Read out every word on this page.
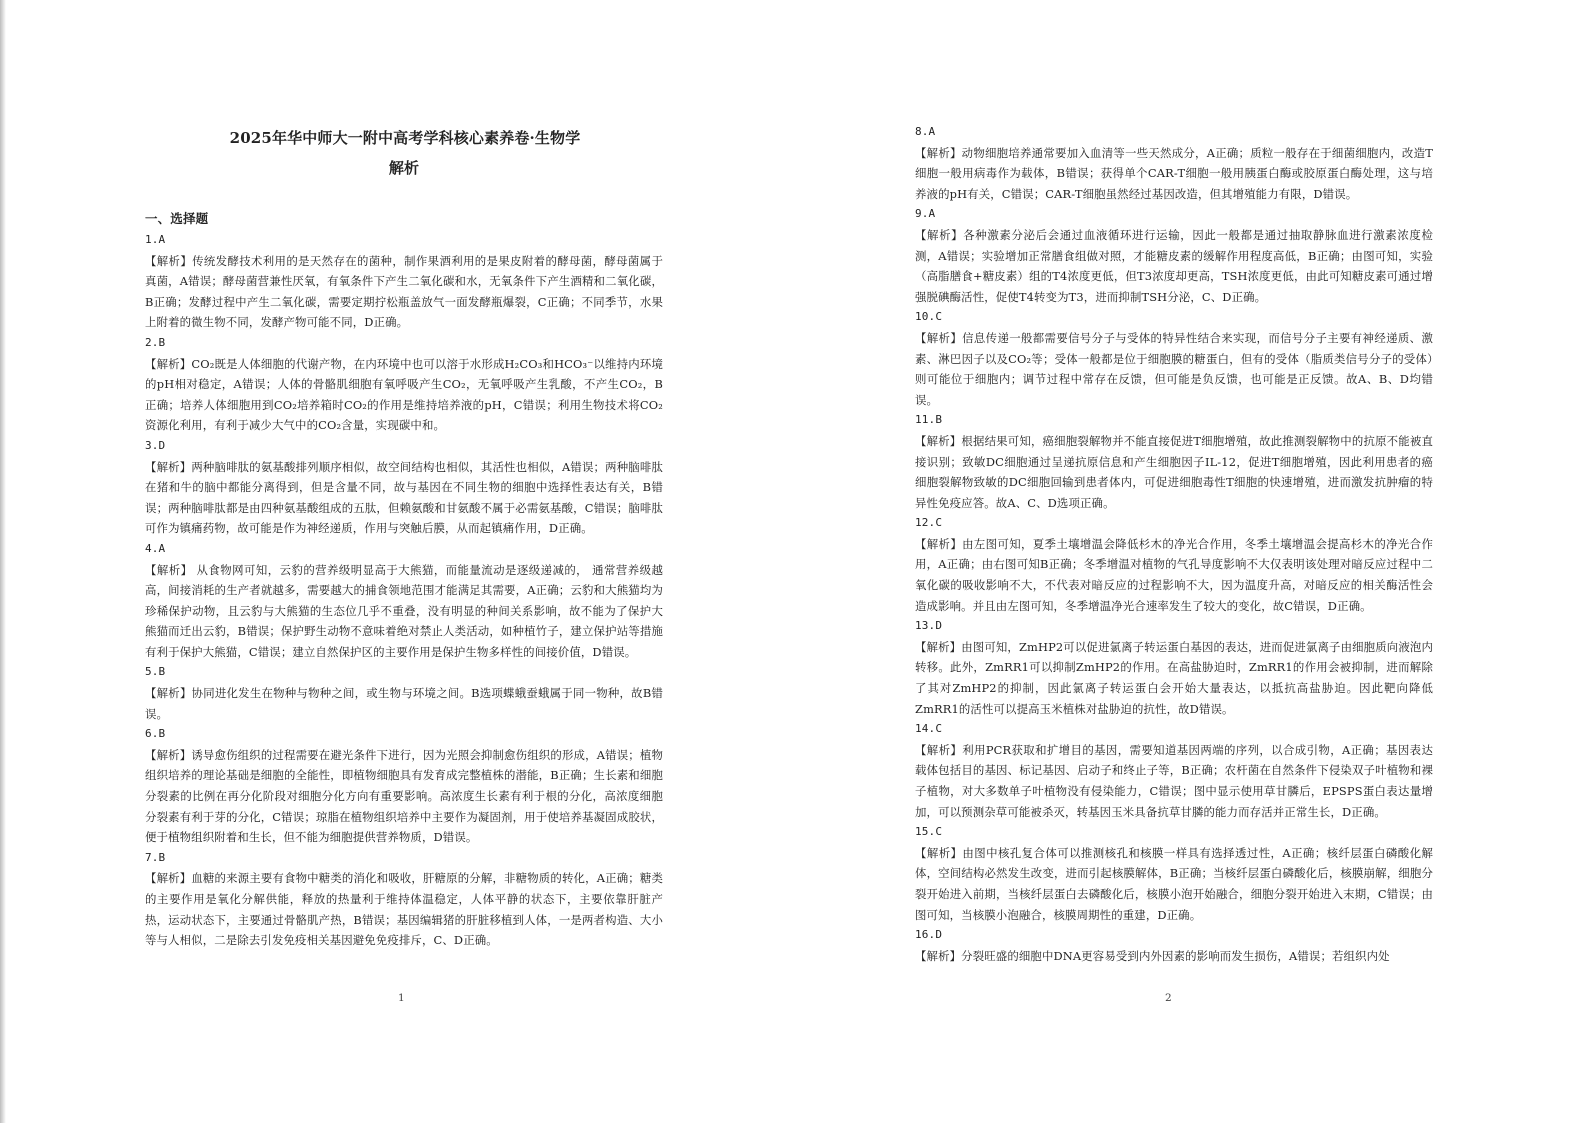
2025年华中师大一附中高考学科核心素养卷·生物学
解析

一、选择题

1.A
【解析】传统发酵技术利用的是天然存在的菌种，制作果酒利用的是果皮附着的酵母菌，酵母菌属于真菌，A错误；酵母菌营兼性厌氧，有氧条件下产生二氧化碳和水，无氧条件下产生酒精和二氧化碳，B正确；发酵过程中产生二氧化碳，需要定期拧松瓶盖放气一面发酵瓶爆裂，C正确；不同季节，水果上附着的微生物不同，发酵产物可能不同，D正确。
2.B
【解析】CO₂既是人体细胞的代谢产物，在内环境中也可以溶于水形成H₂CO₃和HCO₃⁻以维持内环境的pH相对稳定，A错误；人体的骨骼肌细胞有氧呼吸产生CO₂，无氧呼吸产生乳酸，不产生CO₂，B正确；培养人体细胞用到CO₂培养箱时CO₂的作用是维持培养液的pH，C错误；利用生物技术将CO₂资源化利用，有利于减少大气中的CO₂含量，实现碳中和。
3.D
【解析】两种脑啡肽的氨基酸排列顺序相似，故空间结构也相似，其活性也相似，A错误；两种脑啡肽在猪和牛的脑中都能分离得到，但是含量不同，故与基因在不同生物的细胞中选择性表达有关，B错误；两种脑啡肽都是由四种氨基酸组成的五肽，但赖氨酸和甘氨酸不属于必需氨基酸，C错误；脑啡肽可作为镇痛药物，故可能是作为神经递质，作用与突触后膜，从而起镇痛作用，D正确。
4.A
【解析】 从食物网可知，云豹的营养级明显高于大熊猫，而能量流动是逐级递减的， 通常营养级越高，间接消耗的生产者就越多，需要越大的捕食领地范围才能满足其需要，A正确；云豹和大熊猫均为珍稀保护动物，且云豹与大熊猫的生态位几乎不重叠，没有明显的种间关系影响，故不能为了保护大熊猫而迁出云豹，B错误；保护野生动物不意味着绝对禁止人类活动，如种植竹子，建立保护站等措施有利于保护大熊猫，C错误；建立自然保护区的主要作用是保护生物多样性的间接价值，D错误。
5.B
【解析】协同进化发生在物种与物种之间，或生物与环境之间。B选项蝶蛾蚕蛾属于同一物种，故B错误。
6.B
【解析】诱导愈伤组织的过程需要在避光条件下进行，因为光照会抑制愈伤组织的形成，A错误；植物组织培养的理论基础是细胞的全能性，即植物细胞具有发育成完整植株的潜能，B正确；生长素和细胞分裂素的比例在再分化阶段对细胞分化方向有重要影响。高浓度生长素有利于根的分化，高浓度细胞分裂素有利于芽的分化，C错误；琼脂在植物组织培养中主要作为凝固剂，用于使培养基凝固成胶状，便于植物组织附着和生长，但不能为细胞提供营养物质，D错误。
7.B
【解析】血糖的来源主要有食物中糖类的消化和吸收，肝糖原的分解，非糖物质的转化，A正确；糖类的主要作用是氧化分解供能，释放的热量利于维持体温稳定，人体平静的状态下，主要依靠肝脏产热，运动状态下，主要通过骨骼肌产热，B错误；基因编辑猪的肝脏移植到人体，一是两者构造、大小等与人相似，二是除去引发免疫相关基因避免免疫排斥，C、D正确。
1
8.A
【解析】动物细胞培养通常要加入血清等一些天然成分，A正确；质粒一般存在于细菌细胞内，改造T细胞一般用病毒作为载体，B错误；获得单个CAR-T细胞一般用胰蛋白酶或胶原蛋白酶处理，这与培养液的pH有关，C错误；CAR-T细胞虽然经过基因改造，但其增殖能力有限，D错误。
9.A
【解析】各种激素分泌后会通过血液循环进行运输，因此一般都是通过抽取静脉血进行激素浓度检测，A错误；实验增加正常膳食组做对照，才能糖皮素的缓解作用程度高低，B正确；由图可知，实验（高脂膳食+糖皮素）组的T4浓度更低，但T3浓度却更高，TSH浓度更低，由此可知糖皮素可通过增强脱碘酶活性，促使T4转变为T3，进而抑制TSH分泌，C、D正确。
10.C
【解析】信息传递一般都需要信号分子与受体的特异性结合来实现，而信号分子主要有神经递质、激素、淋巴因子以及CO₂等；受体一般都是位于细胞膜的糖蛋白，但有的受体（脂质类信号分子的受体）则可能位于细胞内；调节过程中常存在反馈，但可能是负反馈，也可能是正反馈。故A、B、D均错误。
11.B
【解析】根据结果可知，癌细胞裂解物并不能直接促进T细胞增殖，故此推测裂解物中的抗原不能被直接识别；致敏DC细胞通过呈递抗原信息和产生细胞因子IL-12，促进T细胞增殖，因此利用患者的癌细胞裂解物致敏的DC细胞回输到患者体内，可促进细胞毒性T细胞的快速增殖，进而激发抗肿瘤的特异性免疫应答。故A、C、D选项正确。
12.C
【解析】由左图可知，夏季土壤增温会降低杉木的净光合作用，冬季土壤增温会提高杉木的净光合作用，A正确；由右图可知B正确；冬季增温对植物的气孔导度影响不大仅表明该处理对暗反应过程中二氧化碳的吸收影响不大，不代表对暗反应的过程影响不大，因为温度升高，对暗反应的相关酶活性会造成影响。并且由左图可知，冬季增温净光合速率发生了较大的变化，故C错误，D正确。
13.D
【解析】由图可知，ZmHP2可以促进氯离子转运蛋白基因的表达，进而促进氯离子由细胞质向液泡内转移。此外，ZmRR1可以抑制ZmHP2的作用。在高盐胁迫时，ZmRR1的作用会被抑制，进而解除了其对ZmHP2的抑制，因此氯离子转运蛋白会开始大量表达，以抵抗高盐胁迫。因此靶向降低ZmRR1的活性可以提高玉米植株对盐胁迫的抗性，故D错误。
14.C
【解析】利用PCR获取和扩增目的基因，需要知道基因两端的序列，以合成引物，A正确；基因表达载体包括目的基因、标记基因、启动子和终止子等，B正确；农杆菌在自然条件下侵染双子叶植物和裸子植物，对大多数单子叶植物没有侵染能力，C错误；图中显示使用草甘膦后，EPSPS蛋白表达量增加，可以预测杂草可能被杀灭，转基因玉米具备抗草甘膦的能力而存活并正常生长，D正确。
15.C
【解析】由图中核孔复合体可以推测核孔和核膜一样具有选择透过性，A正确；核纤层蛋白磷酸化解体，空间结构必然发生改变，进而引起核膜解体，B正确；当核纤层蛋白磷酸化后，核膜崩解，细胞分裂开始进入前期，当核纤层蛋白去磷酸化后，核膜小泡开始融合，细胞分裂开始进入末期，C错误；由图可知，当核膜小泡融合，核膜周期性的重建，D正确。
16.D
【解析】分裂旺盛的细胞中DNA更容易受到内外因素的影响而发生损伤，A错误；若组织内处
2
